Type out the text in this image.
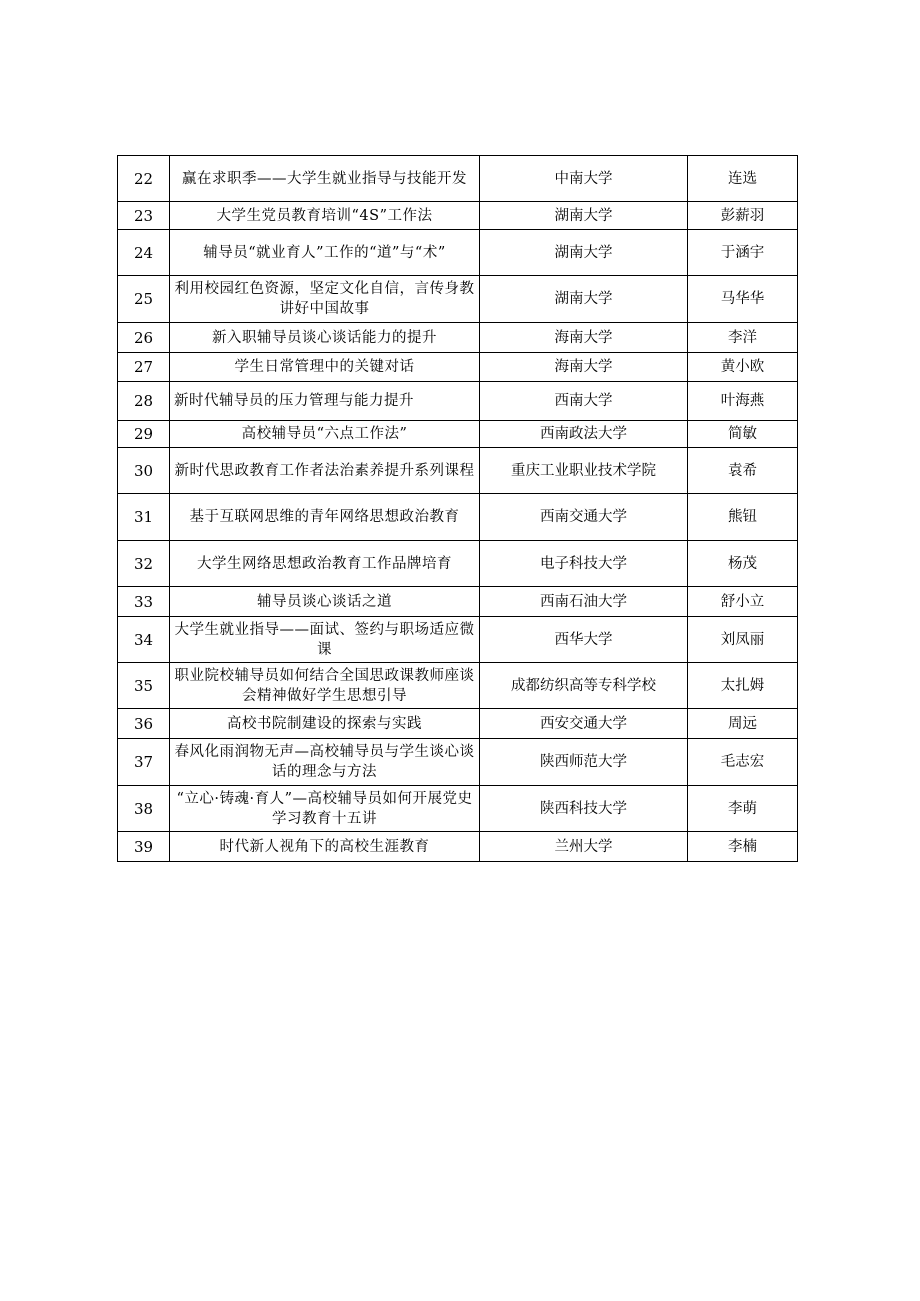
22	赢在求职季——大学生就业指导与技能开发	中南大学	连选
23	大学生党员教育培训“4S”工作法	湖南大学	彭薪羽
24	辅导员“就业育人”工作的“道”与“术”	湖南大学	于涵宇
25	利用校园红色资源，坚定文化自信，言传身教讲好中国故事	湖南大学	马华华
26	新入职辅导员谈心谈话能力的提升	海南大学	李洋
27	学生日常管理中的关键对话	海南大学	黄小欧
28	新时代辅导员的压力管理与能力提升	西南大学	叶海燕
29	高校辅导员“六点工作法”	西南政法大学	简敏
30	新时代思政教育工作者法治素养提升系列课程	重庆工业职业技术学院	袁希
31	基于互联网思维的青年网络思想政治教育	西南交通大学	熊钮
32	大学生网络思想政治教育工作品牌培育	电子科技大学	杨茂
33	辅导员谈心谈话之道	西南石油大学	舒小立
34	大学生就业指导——面试、签约与职场适应微课	西华大学	刘凤丽
35	职业院校辅导员如何结合全国思政课教师座谈会精神做好学生思想引导	成都纺织高等专科学校	太扎姆
36	高校书院制建设的探索与实践	西安交通大学	周远
37	春风化雨润物无声—高校辅导员与学生谈心谈话的理念与方法	陕西师范大学	毛志宏
38	“立心·铸魂·育人”—高校辅导员如何开展党史学习教育十五讲	陕西科技大学	李萌
39	时代新人视角下的高校生涯教育	兰州大学	李楠
